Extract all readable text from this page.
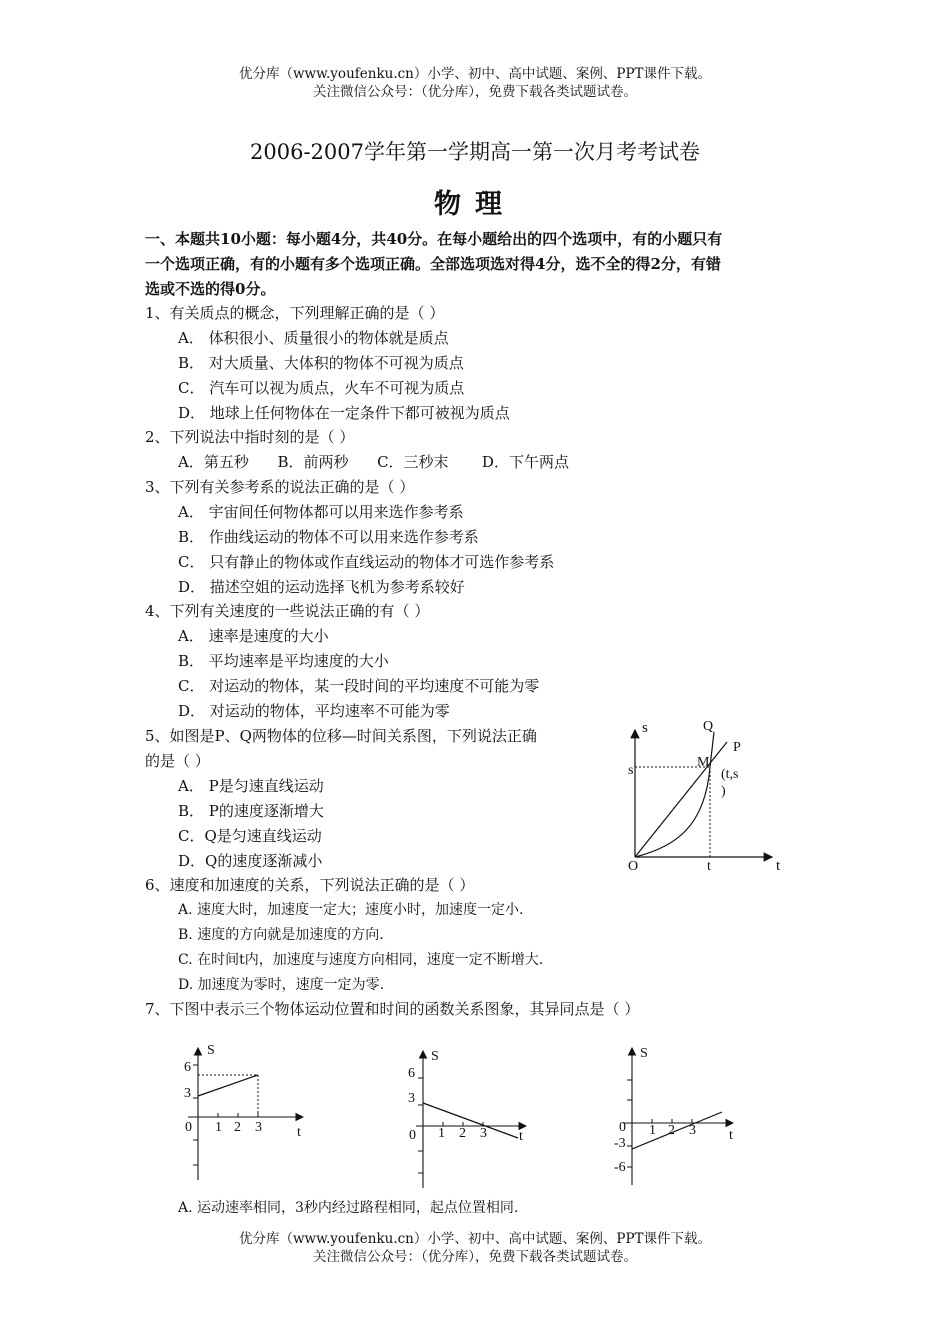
优分库（www.youfenku.cn）小学、初中、高中试题、案例、PPT课件下载。
关注微信公众号：（优分库），免费下载各类试题试卷。
2006-2007学年第一学期高一第一次月考考试卷
物理
一、本题共10小题：每小题4分，共40分。在每小题给出的四个选项中，有的小题只有
一个选项正确，有的小题有多个选项正确。全部选项选对得4分，选不全的得2分，有错
选或不选的得0分。
1、有关质点的概念，下列理解正确的是（ ）
A． 体积很小、质量很小的物体就是质点
B． 对大质量、大体积的物体不可视为质点
C． 汽车可以视为质点，火车不可视为质点
D． 地球上任何物体在一定条件下都可被视为质点
2、下列说法中指时刻的是（ ）
A．第五秒      B．前两秒      C．三秒末       D．下午两点
3、下列有关参考系的说法正确的是（ ）
A． 宇宙间任何物体都可以用来选作参考系
B． 作曲线运动的物体不可以用来选作参考系
C． 只有静止的物体或作直线运动的物体才可选作参考系
D． 描述空姐的运动选择飞机为参考系较好
4、下列有关速度的一些说法正确的有（ ）
A． 速率是速度的大小
B． 平均速率是平均速度的大小
C． 对运动的物体，某一段时间的平均速度不可能为零
D． 对运动的物体，平均速率不可能为零
5、如图是P、Q两物体的位移—时间关系图，下列说法正确
的是（ ）
A． P是匀速直线运动
B． P的速度逐渐增大
C．Q是匀速直线运动
D．Q的速度逐渐减小
s
s
Q
P
M
(t,s
)
O	t	t
6、速度和加速度的关系，下列说法正确的是（ ）
A. 速度大时，加速度一定大；速度小时，加速度一定小.
B. 速度的方向就是加速度的方向.
C. 在时间t内，加速度与速度方向相同，速度一定不断增大.
D. 加速度为零时，速度一定为零.
7、下图中表示三个物体运动位置和时间的函数关系图象，其异同点是（ ）
S
6
3
0 1 2 3	t
S
6
3
0 1 2 3 t
S
0
-3
-6
1 2 3 t
A. 运动速率相同，3秒内经过路程相同，起点位置相同.
优分库（www.youfenku.cn）小学、初中、高中试题、案例、PPT课件下载。
关注微信公众号：（优分库），免费下载各类试题试卷。
